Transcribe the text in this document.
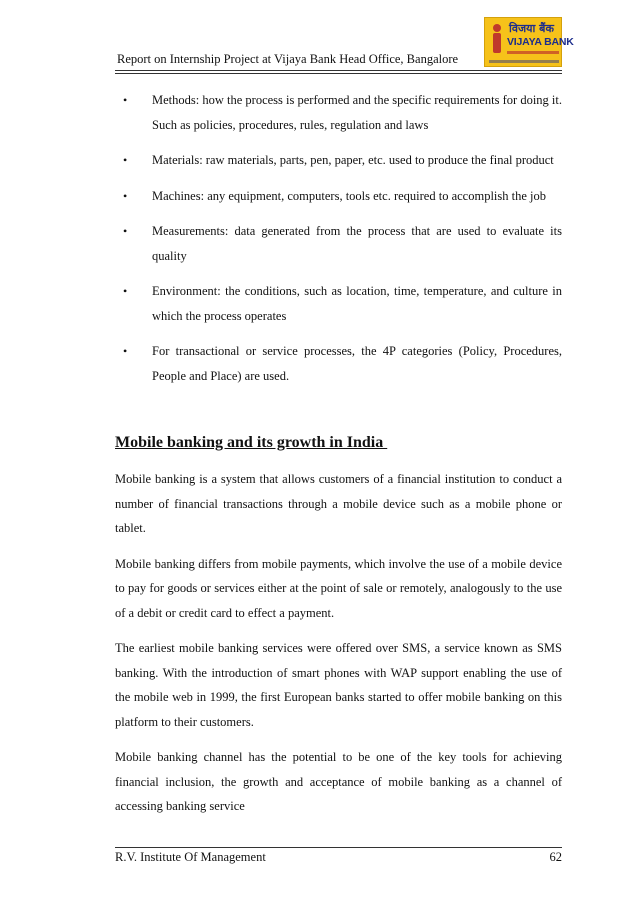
Report on Internship Project at Vijaya Bank Head Office, Bangalore
विजया बैंक
VIJAYA BANK
• Methods: how the process is performed and the specific requirements for doing it. Such as policies, procedures, rules, regulation and laws
• Materials: raw materials, parts, pen, paper, etc. used to produce the final product
• Machines: any equipment, computers, tools etc. required to accomplish the job
• Measurements: data generated from the process that are used to evaluate its quality
• Environment: the conditions, such as location, time, temperature, and culture in which the process operates
• For transactional or service processes, the 4P categories (Policy, Procedures, People and Place) are used.
Mobile banking and its growth in India

Mobile banking is a system that allows customers of a financial institution to conduct a number of financial transactions through a mobile device such as a mobile phone or tablet.

Mobile banking differs from mobile payments, which involve the use of a mobile device to pay for goods or services either at the point of sale or remotely, analogously to the use of a debit or credit card to effect a payment.

The earliest mobile banking services were offered over SMS, a service known as SMS banking. With the introduction of smart phones with WAP support enabling the use of the mobile web in 1999, the first European banks started to offer mobile banking on this platform to their customers.

Mobile banking channel has the potential to be one of the key tools for achieving financial inclusion, the growth and acceptance of mobile banking as a channel of accessing banking service

R.V. Institute Of Management	62
